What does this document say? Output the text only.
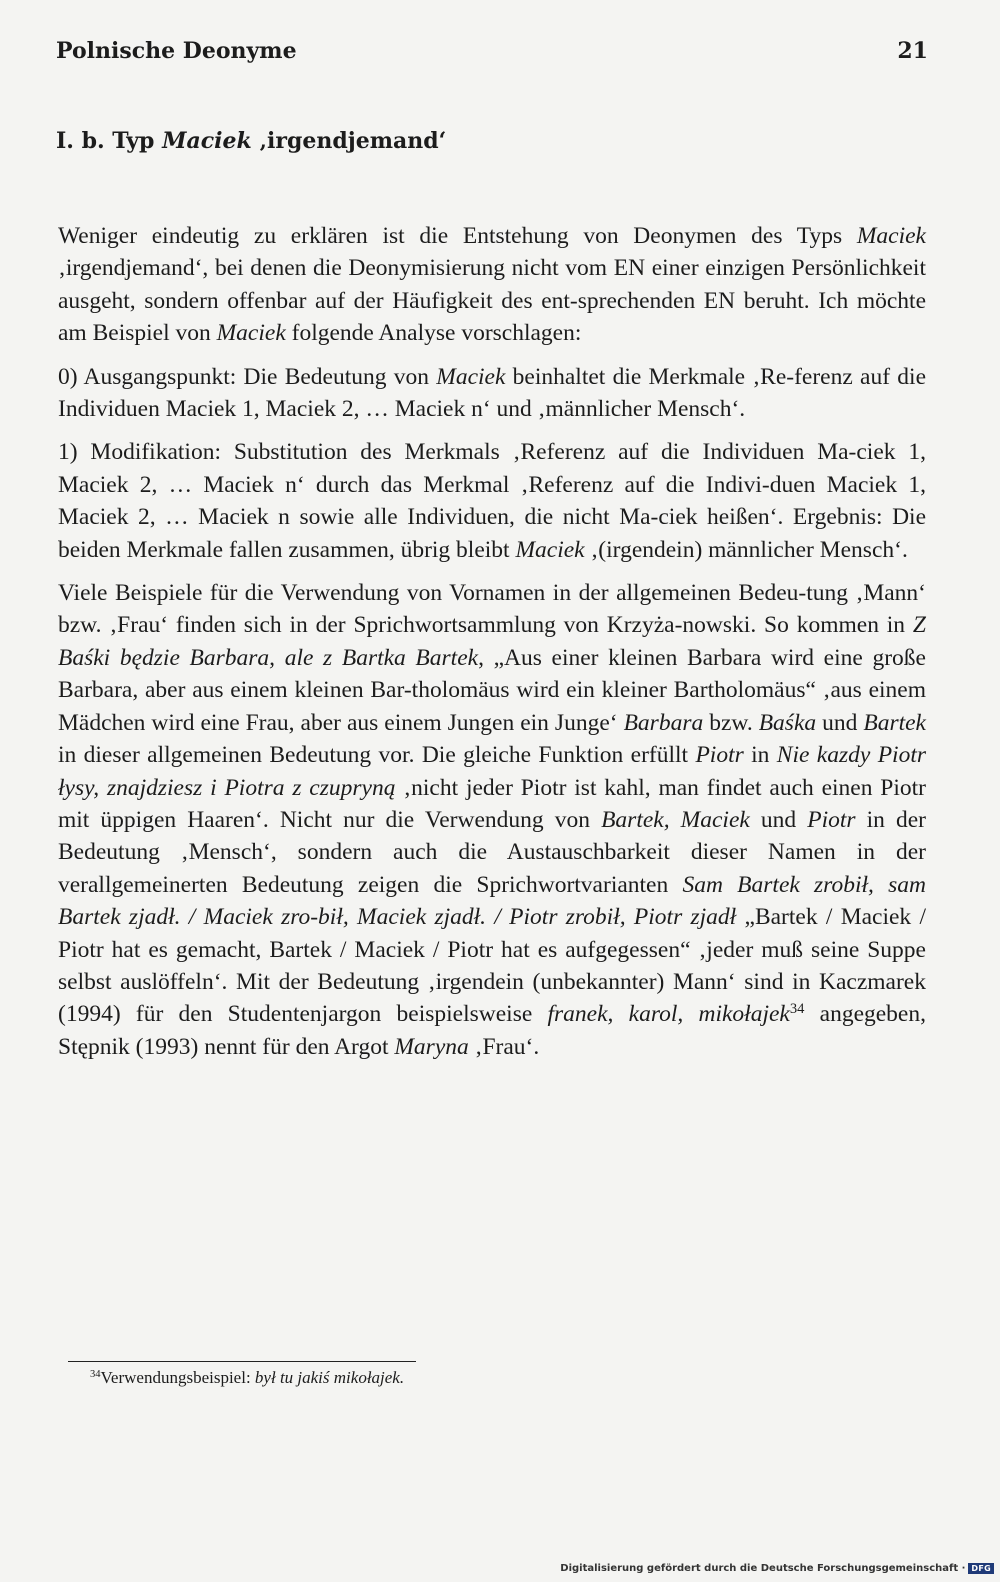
Polnische Deonyme	21
I. b. Typ Maciek ‚irgendjemand‘

Weniger eindeutig zu erklären ist die Entstehung von Deonymen des Typs Maciek ‚irgendjemand‘, bei denen die Deonymisierung nicht vom EN einer einzigen Persönlichkeit ausgeht, sondern offenbar auf der Häufigkeit des ent-sprechenden EN beruht. Ich möchte am Beispiel von Maciek folgende Analyse vorschlagen:

0) Ausgangspunkt: Die Bedeutung von Maciek beinhaltet die Merkmale ‚Re-ferenz auf die Individuen Maciek 1, Maciek 2, … Maciek n‘ und ‚männlicher Mensch‘.

1) Modifikation: Substitution des Merkmals ‚Referenz auf die Individuen Ma-ciek 1, Maciek 2, … Maciek n‘ durch das Merkmal ‚Referenz auf die Indivi-duen Maciek 1, Maciek 2, … Maciek n sowie alle Individuen, die nicht Ma-ciek heißen‘. Ergebnis: Die beiden Merkmale fallen zusammen, übrig bleibt Maciek ‚(irgendein) männlicher Mensch‘.

Viele Beispiele für die Verwendung von Vornamen in der allgemeinen Bedeu-tung ‚Mann‘ bzw. ‚Frau‘ finden sich in der Sprichwortsammlung von Krzyża-nowski. So kommen in Z Baśki będzie Barbara, ale z Bartka Bartek, „Aus einer kleinen Barbara wird eine große Barbara, aber aus einem kleinen Bar-tholomäus wird ein kleiner Bartholomäus“ ‚aus einem Mädchen wird eine Frau, aber aus einem Jungen ein Junge‘ Barbara bzw. Baśka und Bartek in dieser allgemeinen Bedeutung vor. Die gleiche Funktion erfüllt Piotr in Nie kazdy Piotr łysy, znajdziesz i Piotra z czupryną ‚nicht jeder Piotr ist kahl, man findet auch einen Piotr mit üppigen Haaren‘. Nicht nur die Verwendung von Bartek, Maciek und Piotr in der Bedeutung ‚Mensch‘, sondern auch die Austauschbarkeit dieser Namen in der verallgemeinerten Bedeutung zeigen die Sprichwortvarianten Sam Bartek zrobił, sam Bartek zjadł. / Maciek zro-bił, Maciek zjadł. / Piotr zrobił, Piotr zjadł „Bartek / Maciek / Piotr hat es gemacht, Bartek / Maciek / Piotr hat es aufgegessen“ ‚jeder muß seine Suppe selbst auslöffeln‘. Mit der Bedeutung ‚irgendein (unbekannter) Mann‘ sind in Kaczmarek (1994) für den Studentenjargon beispielsweise franek, karol, mikołajek$^{34}$ angegeben, Stępnik (1993) nennt für den Argot Maryna ‚Frau‘.

$^{34}$Verwendungsbeispiel: był tu jakiś mikołajek.
Digitalisierung gefördert durch die Deutsche Forschungsgemeinschaft · DFG
